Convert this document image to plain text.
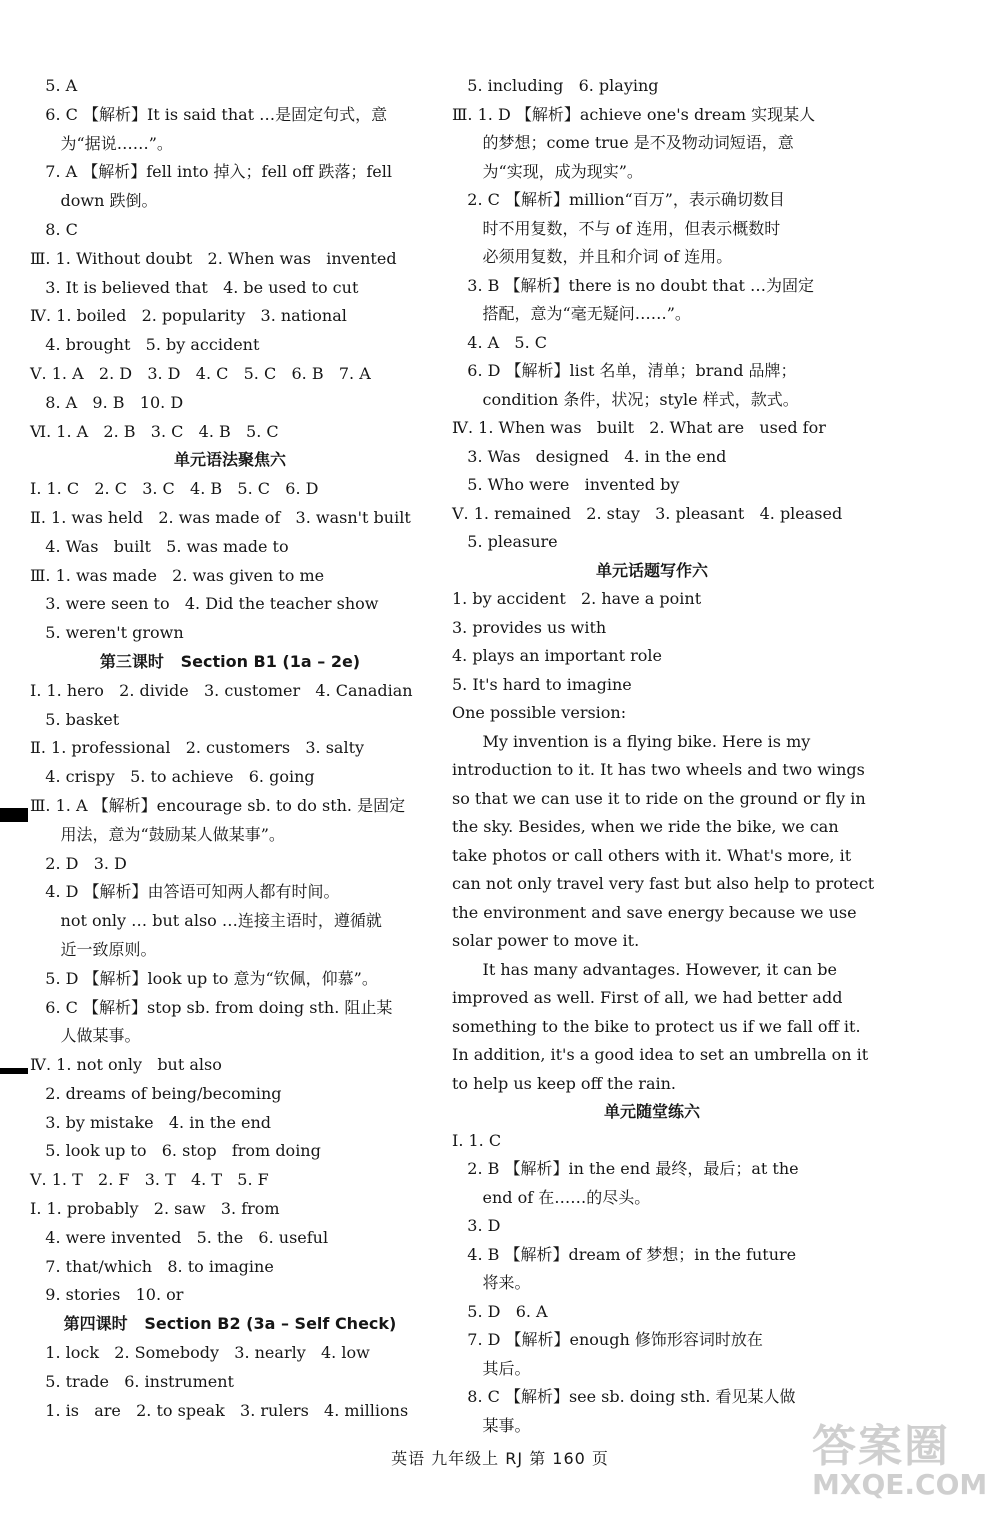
5. A
6. C 【解析】It is said that …是固定句式，意
为“据说……”。
7. A 【解析】fell into 掉入；fell off 跌落；fell
down 跌倒。
8. C
Ⅲ. 1. Without doubt   2. When was   invented
3. It is believed that   4. be used to cut
Ⅳ. 1. boiled   2. popularity   3. national
4. brought   5. by accident
Ⅴ. 1. A   2. D   3. D   4. C   5. C   6. B   7. A
8. A   9. B   10. D
Ⅵ. 1. A   2. B   3. C   4. B   5. C
单元语法聚焦六
Ⅰ. 1. C   2. C   3. C   4. B   5. C   6. D
Ⅱ. 1. was held   2. was made of   3. wasn't built
4. Was   built   5. was made to
Ⅲ. 1. was made   2. was given to me
3. were seen to   4. Did the teacher show
5. weren't grown
第三课时   Section B1 (1a – 2e)
Ⅰ. 1. hero   2. divide   3. customer   4. Canadian
5. basket
Ⅱ. 1. professional   2. customers   3. salty
4. crispy   5. to achieve   6. going
Ⅲ. 1. A 【解析】encourage sb. to do sth. 是固定
用法，意为“鼓励某人做某事”。
2. D   3. D
4. D 【解析】由答语可知两人都有时间。
not only … but also …连接主语时，遵循就
近一致原则。
5. D 【解析】look up to 意为“钦佩，仰慕”。
6. C 【解析】stop sb. from doing sth. 阻止某
人做某事。
Ⅳ. 1. not only   but also
2. dreams of being/becoming
3. by mistake   4. in the end
5. look up to   6. stop   from doing
Ⅴ. 1. T   2. F   3. T   4. T   5. F
Ⅰ. 1. probably   2. saw   3. from
4. were invented   5. the   6. useful
7. that/which   8. to imagine
9. stories   10. or
第四课时   Section B2 (3a – Self Check)
1. lock   2. Somebody   3. nearly   4. low
5. trade   6. instrument
1. is   are   2. to speak   3. rulers   4. millions
5. including   6. playing
Ⅲ. 1. D 【解析】achieve one's dream 实现某人
的梦想；come true 是不及物动词短语，意
为“实现，成为现实”。
2. C 【解析】million“百万”，表示确切数目
时不用复数，不与 of 连用，但表示概数时
必须用复数，并且和介词 of 连用。
3. B 【解析】there is no doubt that …为固定
搭配，意为“毫无疑问……”。
4. A   5. C
6. D 【解析】list 名单，清单；brand 品牌；
condition 条件，状况；style 样式，款式。
Ⅳ. 1. When was   built   2. What are   used for
3. Was   designed   4. in the end
5. Who were   invented by
Ⅴ. 1. remained   2. stay   3. pleasant   4. pleased
5. pleasure
单元话题写作六
1. by accident   2. have a point
3. provides us with
4. plays an important role
5. It's hard to imagine
One possible version:
My invention is a flying bike. Here is my
introduction to it. It has two wheels and two wings
so that we can use it to ride on the ground or fly in
the sky. Besides, when we ride the bike, we can
take photos or call others with it. What's more, it
can not only travel very fast but also help to protect
the environment and save energy because we use
solar power to move it.
It has many advantages. However, it can be
improved as well. First of all, we had better add
something to the bike to protect us if we fall off it.
In addition, it's a good idea to set an umbrella on it
to help us keep off the rain.
单元随堂练六
Ⅰ. 1. C
2. B 【解析】in the end 最终，最后；at the
end of 在……的尽头。
3. D
4. B 【解析】dream of 梦想；in the future
将来。
5. D   6. A
7. D 【解析】enough 修饰形容词时放在
其后。
8. C 【解析】see sb. doing sth. 看见某人做
某事。
英语 九年级上 RJ 第 160 页	答案圈
MXQE.COM
